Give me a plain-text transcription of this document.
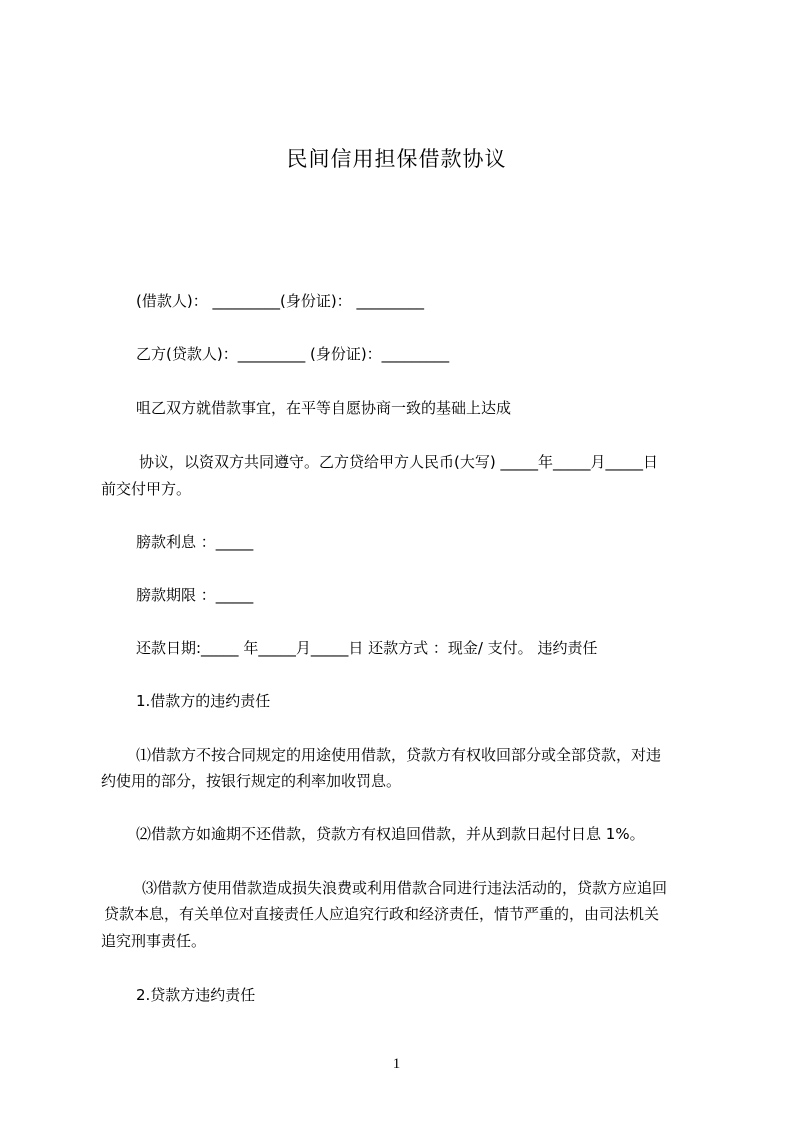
民间信用担保借款协议
(借款人)： _________(身份证)： _________
乙方(贷款人)：_________ (身份证)：_________
咀乙双方就借款事宜，在平等自愿协商一致的基础上达成
协议，以资双方共同遵守。乙方贷给甲方人民币(大写) _____年_____月_____日
前交付甲方。
膀款利息 ：_____
膀款期限 ：_____
还款日期:_____ 年_____月_____日 还款方式 ：现金/ 支付。 违约责任
1.借款方的违约责任
⑴借款方不按合同规定的用途使用借款，贷款方有权收回部分或全部贷款，对违
约使用的部分，按银行规定的利率加收罚息。
⑵借款方如逾期不还借款，贷款方有权追回借款，并从到款日起付日息 1%。
⑶借款方使用借款造成损失浪费或利用借款合同进行违法活动的，贷款方应追回
贷款本息，有关单位对直接责任人应追究行政和经济责任，情节严重的，由司法机关
追究刑事责任。
2.贷款方违约责任
1
